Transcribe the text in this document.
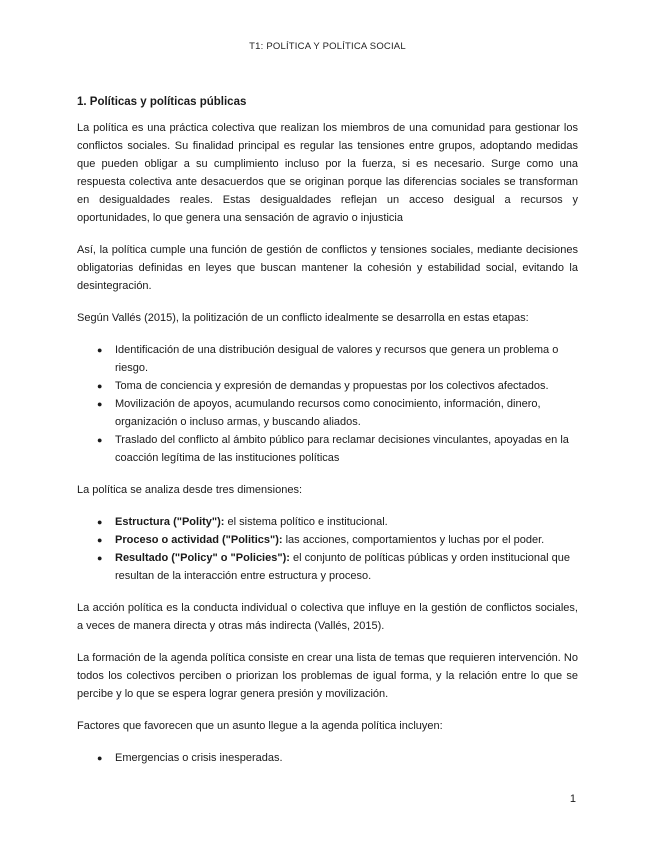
T1: POLÍTICA Y POLÍTICA SOCIAL
1. Políticas y políticas públicas

La política es una práctica colectiva que realizan los miembros de una comunidad para gestionar los conflictos sociales. Su finalidad principal es regular las tensiones entre grupos, adoptando medidas que pueden obligar a su cumplimiento incluso por la fuerza, si es necesario. Surge como una respuesta colectiva ante desacuerdos que se originan porque las diferencias sociales se transforman en desigualdades reales. Estas desigualdades reflejan un acceso desigual a recursos y oportunidades, lo que genera una sensación de agravio o injusticia

Así, la política cumple una función de gestión de conflictos y tensiones sociales, mediante decisiones obligatorias definidas en leyes que buscan mantener la cohesión y estabilidad social, evitando la desintegración.

Según Vallés (2015), la politización de un conflicto idealmente se desarrolla en estas etapas:

● Identificación de una distribución desigual de valores y recursos que genera un problema o riesgo.
● Toma de conciencia y expresión de demandas y propuestas por los colectivos afectados.
● Movilización de apoyos, acumulando recursos como conocimiento, información, dinero, organización o incluso armas, y buscando aliados.
● Traslado del conflicto al ámbito público para reclamar decisiones vinculantes, apoyadas en la coacción legítima de las instituciones políticas

La política se analiza desde tres dimensiones:

● Estructura ("Polity"): el sistema político e institucional.
● Proceso o actividad ("Politics"): las acciones, comportamientos y luchas por el poder.
● Resultado ("Policy" o "Policies"): el conjunto de políticas públicas y orden institucional que resultan de la interacción entre estructura y proceso.

La acción política es la conducta individual o colectiva que influye en la gestión de conflictos sociales, a veces de manera directa y otras más indirecta (Vallés, 2015).

La formación de la agenda política consiste en crear una lista de temas que requieren intervención. No todos los colectivos perciben o priorizan los problemas de igual forma, y la relación entre lo que se percibe y lo que se espera lograr genera presión y movilización.

Factores que favorecen que un asunto llegue a la agenda política incluyen:

● Emergencias o crisis inesperadas.
1
